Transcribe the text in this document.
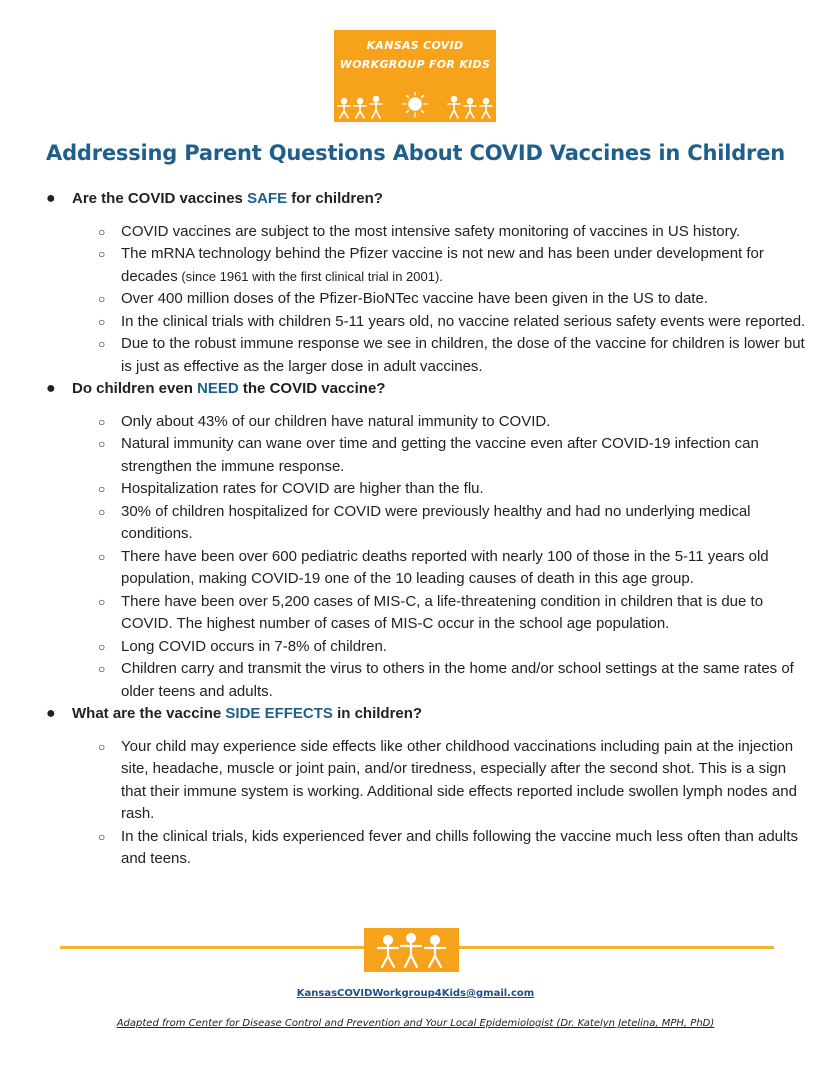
KANSAS COVID
WORKGROUP FOR KIDS
Addressing Parent Questions About COVID Vaccines in Children
● Are the COVID vaccines SAFE for children?
○ COVID vaccines are subject to the most intensive safety monitoring of vaccines in US history.
○ The mRNA technology behind the Pfizer vaccine is not new and has been under development for decades (since 1961 with the first clinical trial in 2001).
○ Over 400 million doses of the Pfizer-BioNTec vaccine have been given in the US to date.
○ In the clinical trials with children 5-11 years old, no vaccine related serious safety events were reported.
○ Due to the robust immune response we see in children, the dose of the vaccine for children is lower but is just as effective as the larger dose in adult vaccines.
● Do children even NEED the COVID vaccine?
○ Only about 43% of our children have natural immunity to COVID.
○ Natural immunity can wane over time and getting the vaccine even after COVID-19 infection can strengthen the immune response.
○ Hospitalization rates for COVID are higher than the flu.
○ 30% of children hospitalized for COVID were previously healthy and had no underlying medical conditions.
○ There have been over 600 pediatric deaths reported with nearly 100 of those in the 5-11 years old population, making COVID-19 one of the 10 leading causes of death in this age group.
○ There have been over 5,200 cases of MIS-C, a life-threatening condition in children that is due to COVID. The highest number of cases of MIS-C occur in the school age population.
○ Long COVID occurs in 7-8% of children.
○ Children carry and transmit the virus to others in the home and/or school settings at the same rates of older teens and adults.
● What are the vaccine SIDE EFFECTS in children?
○ Your child may experience side effects like other childhood vaccinations including pain at the injection site, headache, muscle or joint pain, and/or tiredness, especially after the second shot. This is a sign that their immune system is working. Additional side effects reported include swollen lymph nodes and rash.
○ In the clinical trials, kids experienced fever and chills following the vaccine much less often than adults and teens.
KansasCOVIDWorkgroup4Kids@gmail.com
Adapted from Center for Disease Control and Prevention and Your Local Epidemiologist (Dr. Katelyn Jetelina, MPH, PhD)
